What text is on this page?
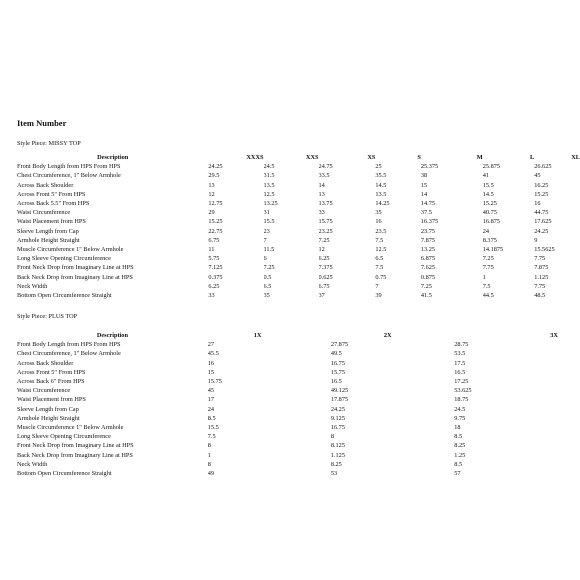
Item Number
Style Piece: MISSY TOP
Description	XXXS	XXS	XS	S	M	L	XL
Front Body Length from HPS From HPS	24.25	24.5	24.75	25	25.375	25.875	26.625
Chest Circumference, 1" Below Armhole	29.5	31.5	33.5	35.5	38	41	45
Across Back Shoulder	13	13.5	14	14.5	15	15.5	16.25
Across Front 5" From HPS	12	12.5	13	13.5	14	14.5	15.25
Across Back 5.5" From HPS	12.75	13.25	13.75	14.25	14.75	15.25	16
Waist Circumference	29	31	33	35	37.5	40.75	44.75
Waist Placement from HPS	15.25	15.5	15.75	16	16.375	16.875	17.625
Sleeve Length from Cap	22.75	23	23.25	23.5	23.75	24	24.25
Armhole Height Straight	6.75	7	7.25	7.5	7.875	8.375	9
Muscle Circumference 1" Below Armhole	11	11.5	12	12.5	13.25	14.1875	15.5625
Long Sleeve Opening Circumference	5.75	6	6.25	6.5	6.875	7.25	7.75
Front Neck Drop from Imaginary Line at HPS	7.125	7.25	7.375	7.5	7.625	7.75	7.875
Back Neck Drop from Imaginary Line at HPS	0.375	0.5	0.625	0.75	0.875	1	1.125
Neck Width	6.25	6.5	6.75	7	7.25	7.5	7.75
Bottom Open Circumference Straight	33	35	37	39	41.5	44.5	48.5
Style Piece: PLUS TOP
Description	1X	2X	3X
Front Body Length from HPS From HPS	27	27.875	28.75
Chest Circumference, 1" Below Armhole	45.5	49.5	53.5
Across Back Shoulder	16	16.75	17.5
Across Front 5" From HPS	15	15.75	16.5
Across Back 6" From HPS	15.75	16.5	17.25
Waist Circumference	45	49.125	53.625
Waist Placement from HPS	17	17.875	18.75
Sleeve Length from Cap	24	24.25	24.5
Armhole Height Straight	8.5	9.125	9.75
Muscle Circumference 1" Below Armhole	15.5	16.75	18
Long Sleeve Opening Circumference	7.5	8	8.5
Front Neck Drop from Imaginary Line at HPS	8	8.125	8.25
Back Neck Drop from Imaginary Line at HPS	1	1.125	1.25
Neck Width	8	8.25	8.5
Bottom Open Circumference Straight	49	53	57
